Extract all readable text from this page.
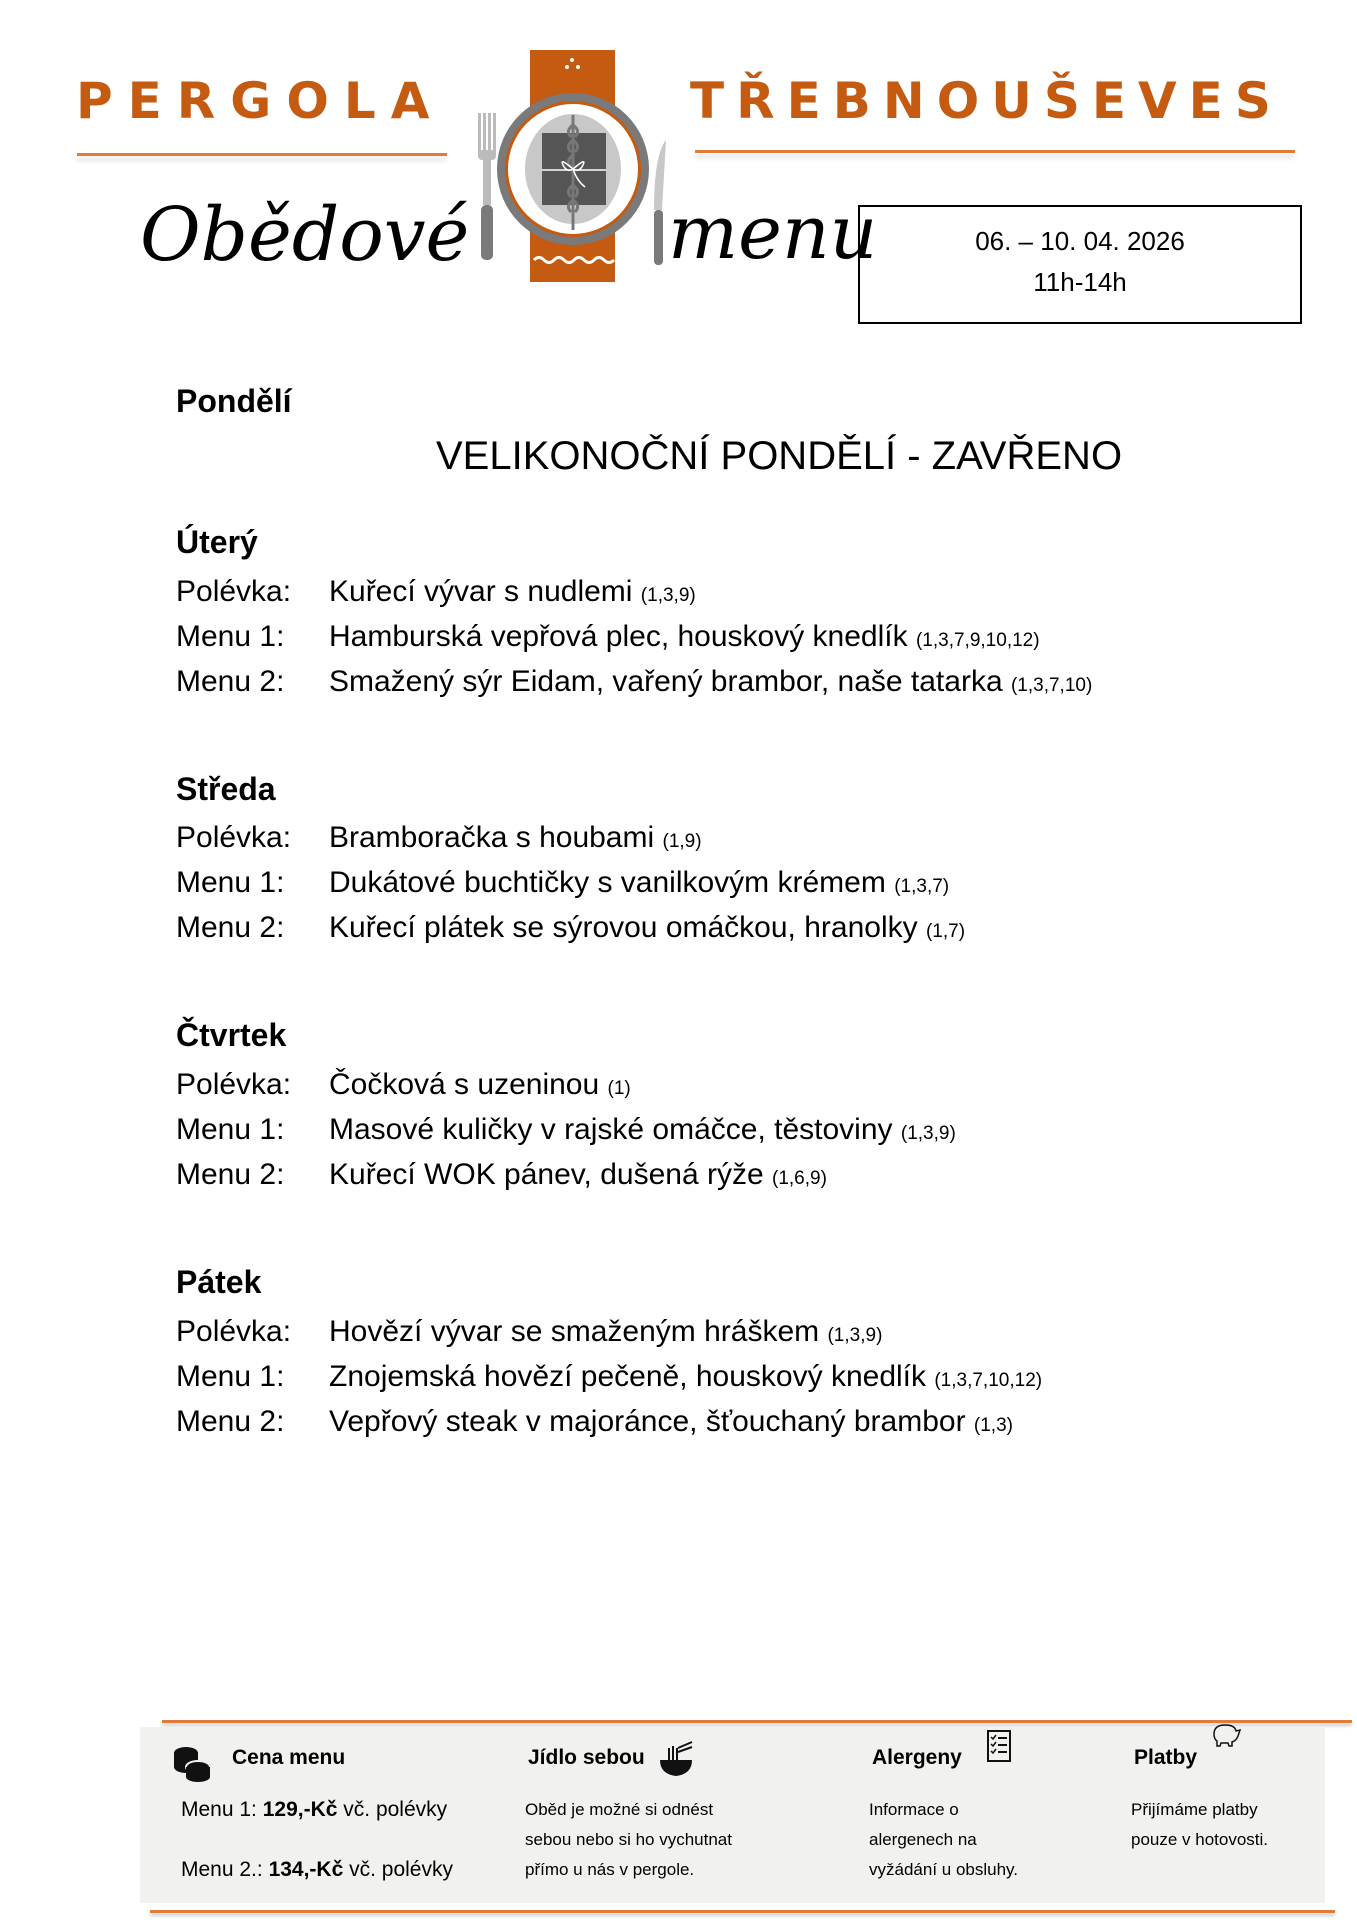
PERGOLA	TŘEBNOUŠEVES
Obědové	menu	06. – 10. 04. 2026
11h-14h
Pondělí
VELIKONOČNÍ PONDĚLÍ - ZAVŘENO
Úterý
Polévka: Kuřecí vývar s nudlemi (1,3,9)
Menu 1: Hamburská vepřová plec, houskový knedlík (1,3,7,9,10,12)
Menu 2: Smažený sýr Eidam, vařený brambor, naše tatarka (1,3,7,10)
Středa
Polévka: Bramboračka s houbami (1,9)
Menu 1: Dukátové buchtičky s vanilkovým krémem (1,3,7)
Menu 2: Kuřecí plátek se sýrovou omáčkou, hranolky (1,7)
Čtvrtek
Polévka: Čočková s uzeninou (1)
Menu 1: Masové kuličky v rajské omáčce, těstoviny (1,3,9)
Menu 2: Kuřecí WOK pánev, dušená rýže (1,6,9)
Pátek
Polévka: Hovězí vývar se smaženým hráškem (1,3,9)
Menu 1: Znojemská hovězí pečeně, houskový knedlík (1,3,7,10,12)
Menu 2: Vepřový steak v majoránce, šťouchaný brambor (1,3)
Cena menu
Menu 1: 129,-Kč vč. polévky
Menu 2.: 134,-Kč vč. polévky
Jídlo sebou
Oběd je možné si odnést
sebou nebo si ho vychutnat
přímo u nás v pergole.
Alergeny
Informace o
alergenech na
vyžádání u obsluhy.
Platby
Přijímáme platby
pouze v hotovosti.
